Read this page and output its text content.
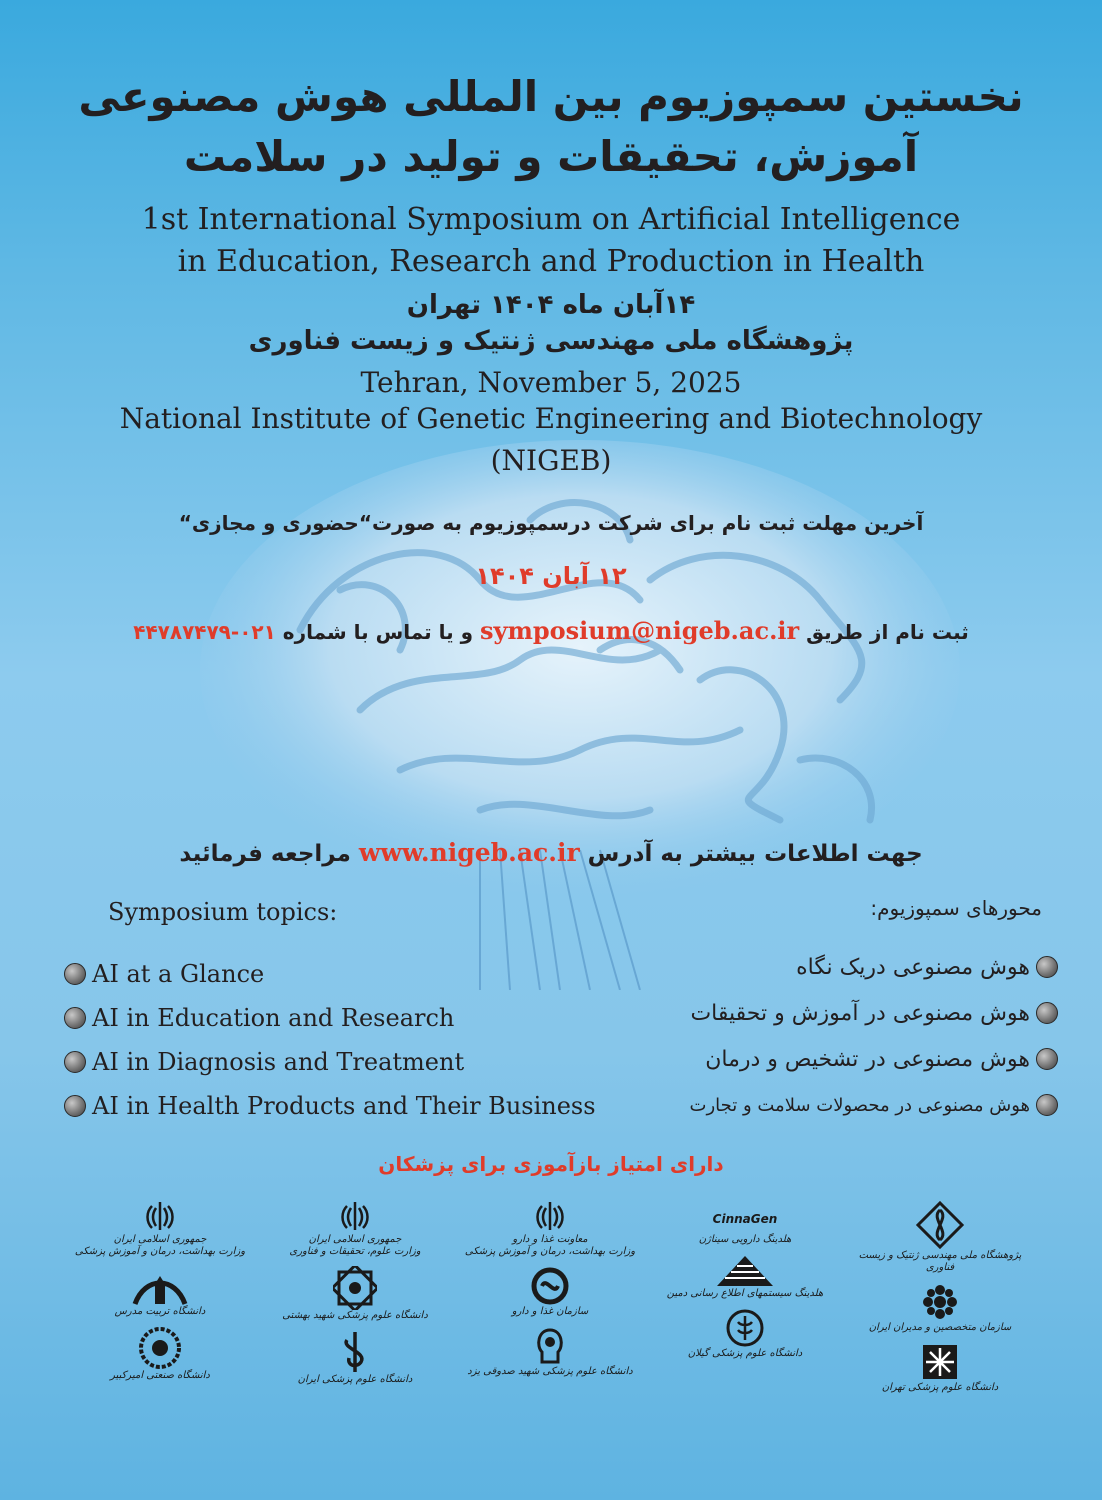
نخستین سمپوزیوم بین المللی هوش مصنوعی
آموزش، تحقیقات و تولید در سلامت
1st International Symposium on Artificial Intelligence
in Education, Research and Production in Health
۱۴آبان ماه ۱۴۰۴ تهران
پژوهشگاه ملی مهندسی ژنتیک و زیست فناوری
Tehran, November 5, 2025
National Institute of Genetic Engineering and Biotechnology
(NIGEB)
آخرین مهلت ثبت نام برای شرکت درسمپوزیوم به صورت“حضوری و مجازی“
۱۲ آبان ۱۴۰۴
ثبت نام از طریق symposium@nigeb.ac.ir و یا تماس با شماره ۰۲۱-۴۴۷۸۷۴۷۹
جهت اطلاعات بیشتر به آدرس www.nigeb.ac.ir مراجعه فرمائید
Symposium topics:	محورهای سمپوزیوم:
AI at a Glance
AI in Education and Research
AI in Diagnosis and Treatment
AI in Health Products and Their Business
هوش مصنوعی دریک نگاه
هوش مصنوعی در آموزش و تحقیقات
هوش مصنوعی در تشخیص و درمان
هوش مصنوعی در محصولات سلامت و تجارت
دارای امتیاز بازآموزی برای پزشکان
جمهوری اسلامی ایران
وزارت بهداشت، درمان و آموزش پزشکی
دانشگاه تربیت مدرس
دانشگاه صنعتی امیرکبیر
جمهوری اسلامی ایران
وزارت علوم، تحقیقات و فناوری
دانشگاه علوم پزشکی شهید بهشتی
دانشگاه علوم پزشکی ایران
معاونت غذا و دارو
وزارت بهداشت، درمان و آموزش پزشکی
سازمان غذا و دارو
دانشگاه علوم پزشکی شهید صدوقی یزد
CinnaGen
هلدینگ دارویی سیناژن
هلدینگ سیستمهای اطلاع رسانی دمین
دانشگاه علوم پزشکی گیلان
پژوهشگاه ملی مهندسی ژنتیک و زیست فناوری
سازمان متخصصین و مدیران ایران
دانشگاه علوم پزشکی تهران
